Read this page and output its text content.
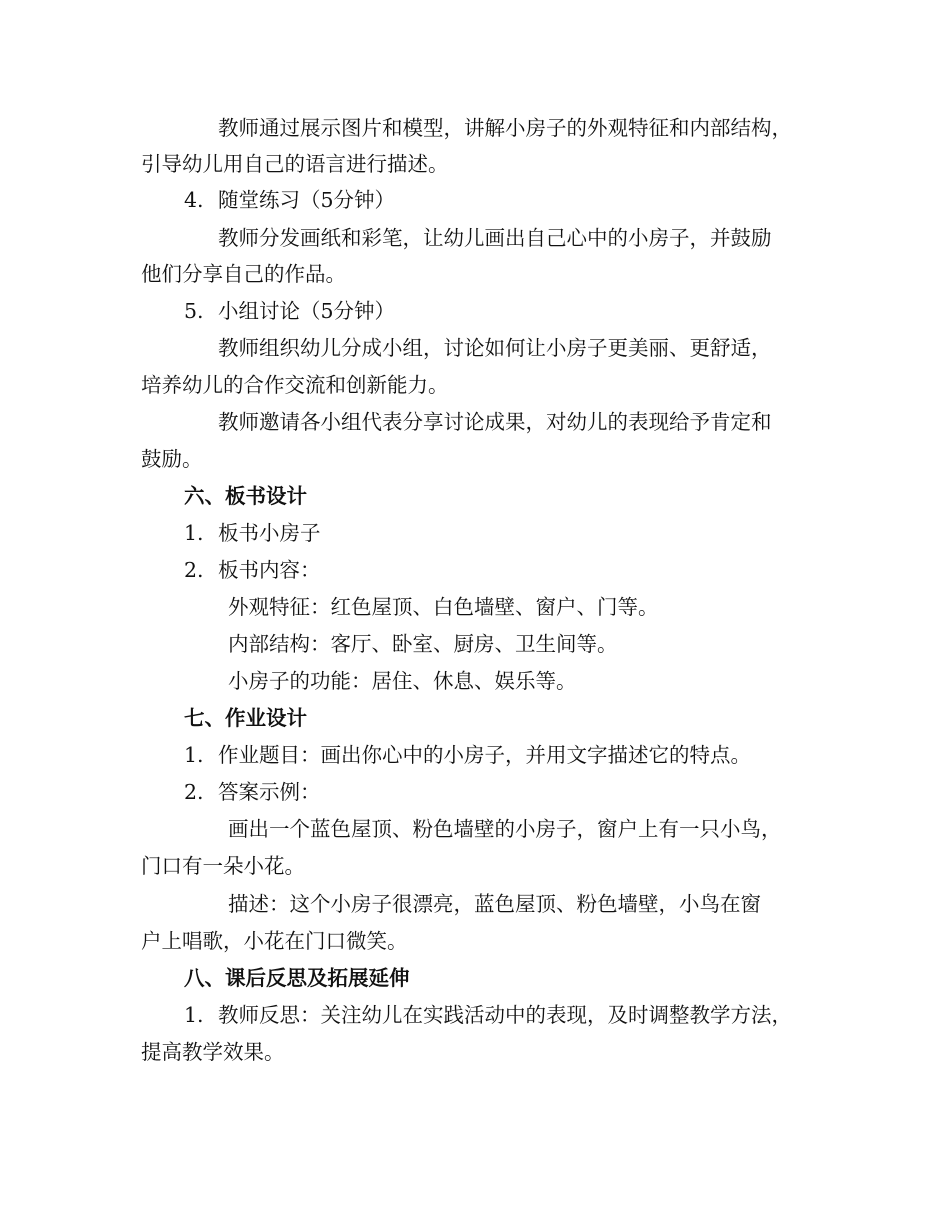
教师通过展示图片和模型，讲解小房子的外观特征和内部结构，
引导幼儿用自己的语言进行描述。
4. 随堂练习（5分钟）
教师分发画纸和彩笔，让幼儿画出自己心中的小房子，并鼓励
他们分享自己的作品。
5. 小组讨论（5分钟）
教师组织幼儿分成小组，讨论如何让小房子更美丽、更舒适，
培养幼儿的合作交流和创新能力。
教师邀请各小组代表分享讨论成果，对幼儿的表现给予肯定和
鼓励。
六、板书设计
1. 板书小房子
2. 板书内容：
外观特征：红色屋顶、白色墙壁、窗户、门等。
内部结构：客厅、卧室、厨房、卫生间等。
小房子的功能：居住、休息、娱乐等。
七、作业设计
1. 作业题目：画出你心中的小房子，并用文字描述它的特点。
2. 答案示例：
画出一个蓝色屋顶、粉色墙壁的小房子，窗户上有一只小鸟，
门口有一朵小花。
描述：这个小房子很漂亮，蓝色屋顶、粉色墙壁，小鸟在窗
户上唱歌，小花在门口微笑。
八、课后反思及拓展延伸
1. 教师反思：关注幼儿在实践活动中的表现，及时调整教学方法，
提高教学效果。
